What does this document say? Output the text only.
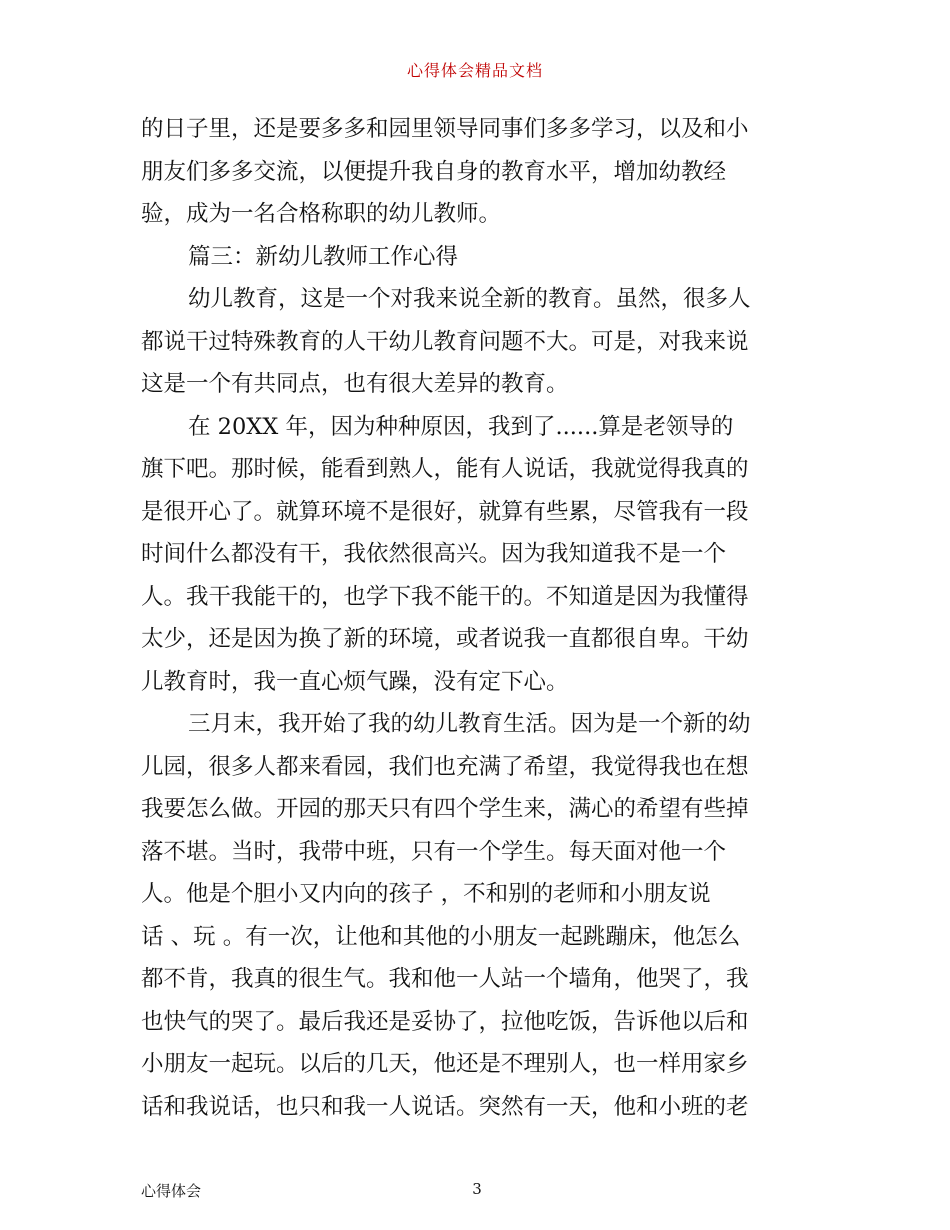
心得体会精品文档
的日子里，还是要多多和园里领导同事们多多学习，以及和小
朋友们多多交流，以便提升我自身的教育水平，增加幼教经
验，成为一名合格称职的幼儿教师。
篇三：新幼儿教师工作心得
幼儿教育，这是一个对我来说全新的教育。虽然，很多人
都说干过特殊教育的人干幼儿教育问题不大。可是，对我来说
这是一个有共同点，也有很大差异的教育。
在 20XX 年，因为种种原因，我到了......算是老领导的
旗下吧。那时候，能看到熟人，能有人说话，我就觉得我真的
是很开心了。就算环境不是很好，就算有些累，尽管我有一段
时间什么都没有干，我依然很高兴。因为我知道我不是一个
人。我干我能干的，也学下我不能干的。不知道是因为我懂得
太少，还是因为换了新的环境，或者说我一直都很自卑。干幼
儿教育时，我一直心烦气躁，没有定下心。
三月末，我开始了我的幼儿教育生活。因为是一个新的幼
儿园，很多人都来看园，我们也充满了希望，我觉得我也在想
我要怎么做。开园的那天只有四个学生来，满心的希望有些掉
落不堪。当时，我带中班，只有一个学生。每天面对他一个
人。他是个胆小又内向的孩子 ，不和别的老师和小朋友说
话 、玩 。有一次，让他和其他的小朋友一起跳蹦床，他怎么
都不肯，我真的很生气。我和他一人站一个墙角，他哭了，我
也快气的哭了。最后我还是妥协了，拉他吃饭，告诉他以后和
小朋友一起玩。以后的几天，他还是不理别人，也一样用家乡
话和我说话，也只和我一人说话。突然有一天，他和小班的老
心得体会	3
